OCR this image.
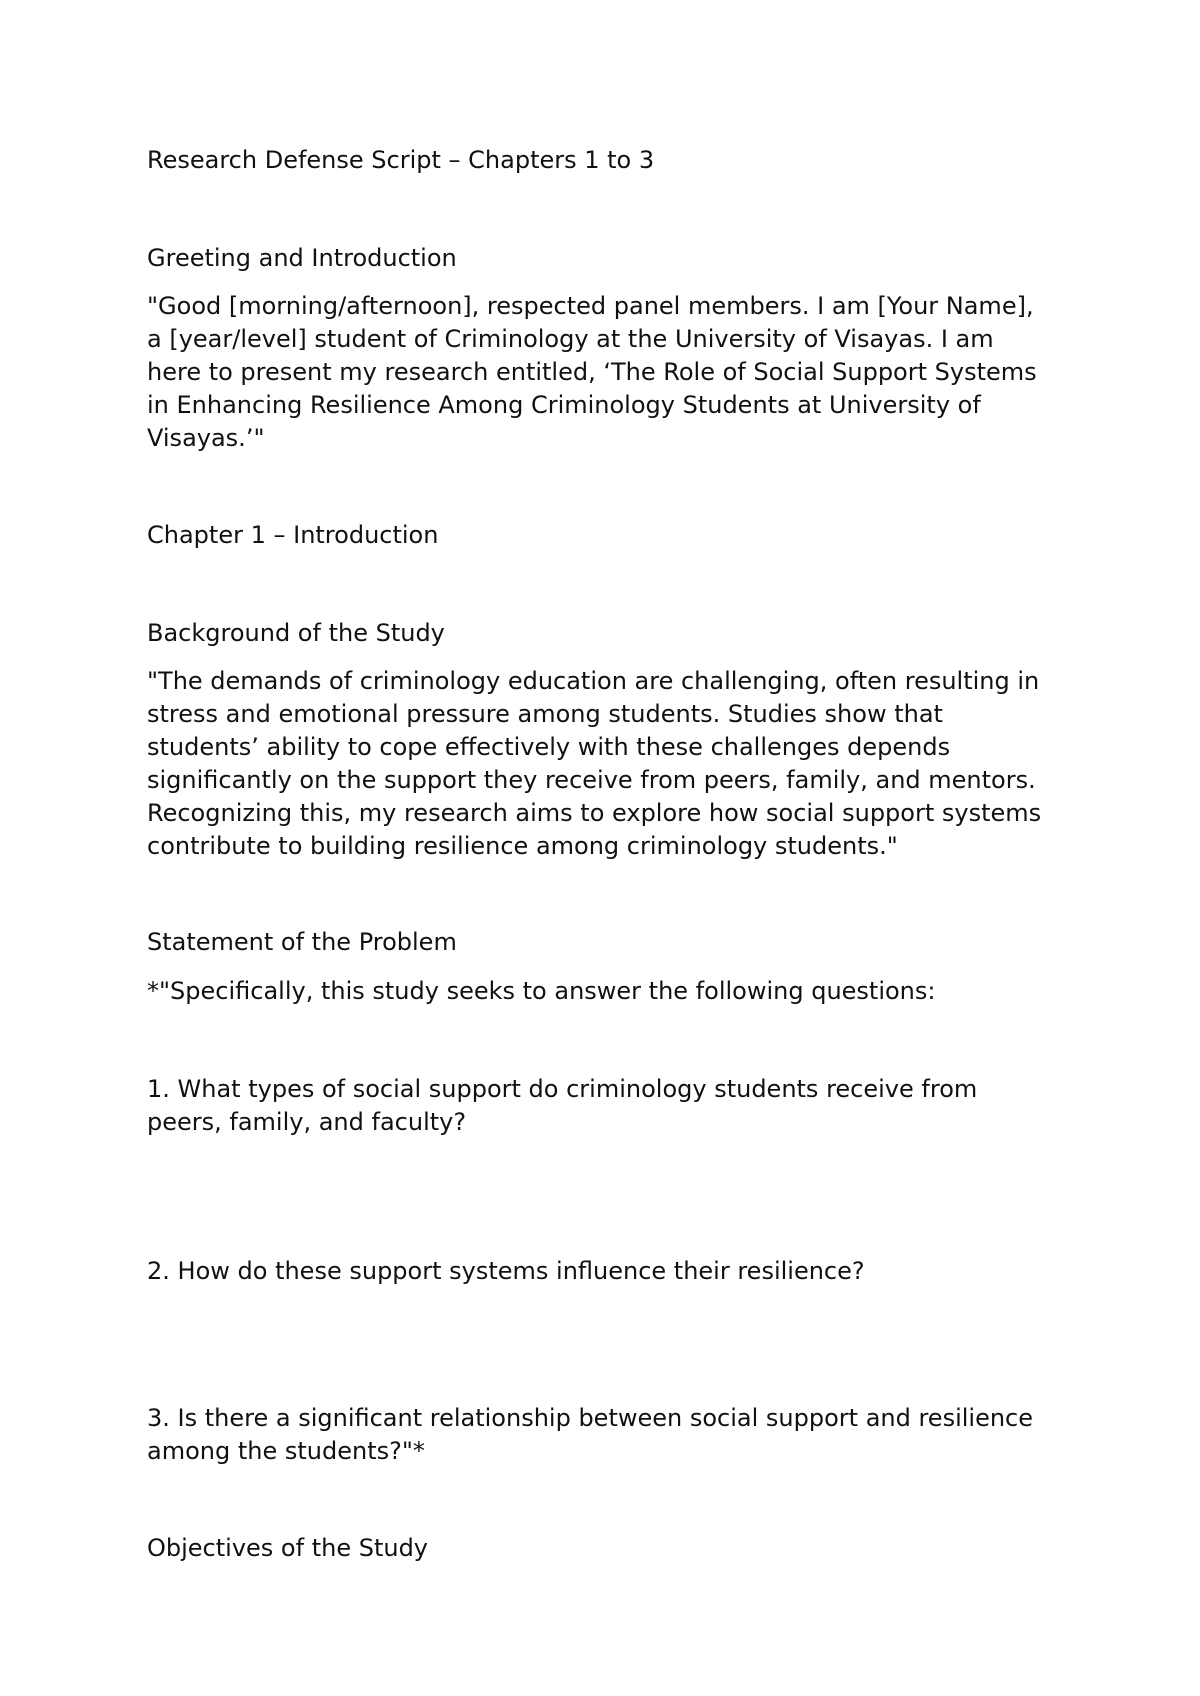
Research Defense Script – Chapters 1 to 3

Greeting and Introduction

"Good [morning/afternoon], respected panel members. I am [Your Name],
a [year/level] student of Criminology at the University of Visayas. I am
here to present my research entitled, ‘The Role of Social Support Systems
in Enhancing Resilience Among Criminology Students at University of
Visayas.’"

Chapter 1 – Introduction

Background of the Study

"The demands of criminology education are challenging, often resulting in
stress and emotional pressure among students. Studies show that
students’ ability to cope effectively with these challenges depends
significantly on the support they receive from peers, family, and mentors.
Recognizing this, my research aims to explore how social support systems
contribute to building resilience among criminology students."

Statement of the Problem

*"Specifically, this study seeks to answer the following questions:

1. What types of social support do criminology students receive from
peers, family, and faculty?

2. How do these support systems influence their resilience?

3. Is there a significant relationship between social support and resilience
among the students?"*

Objectives of the Study
